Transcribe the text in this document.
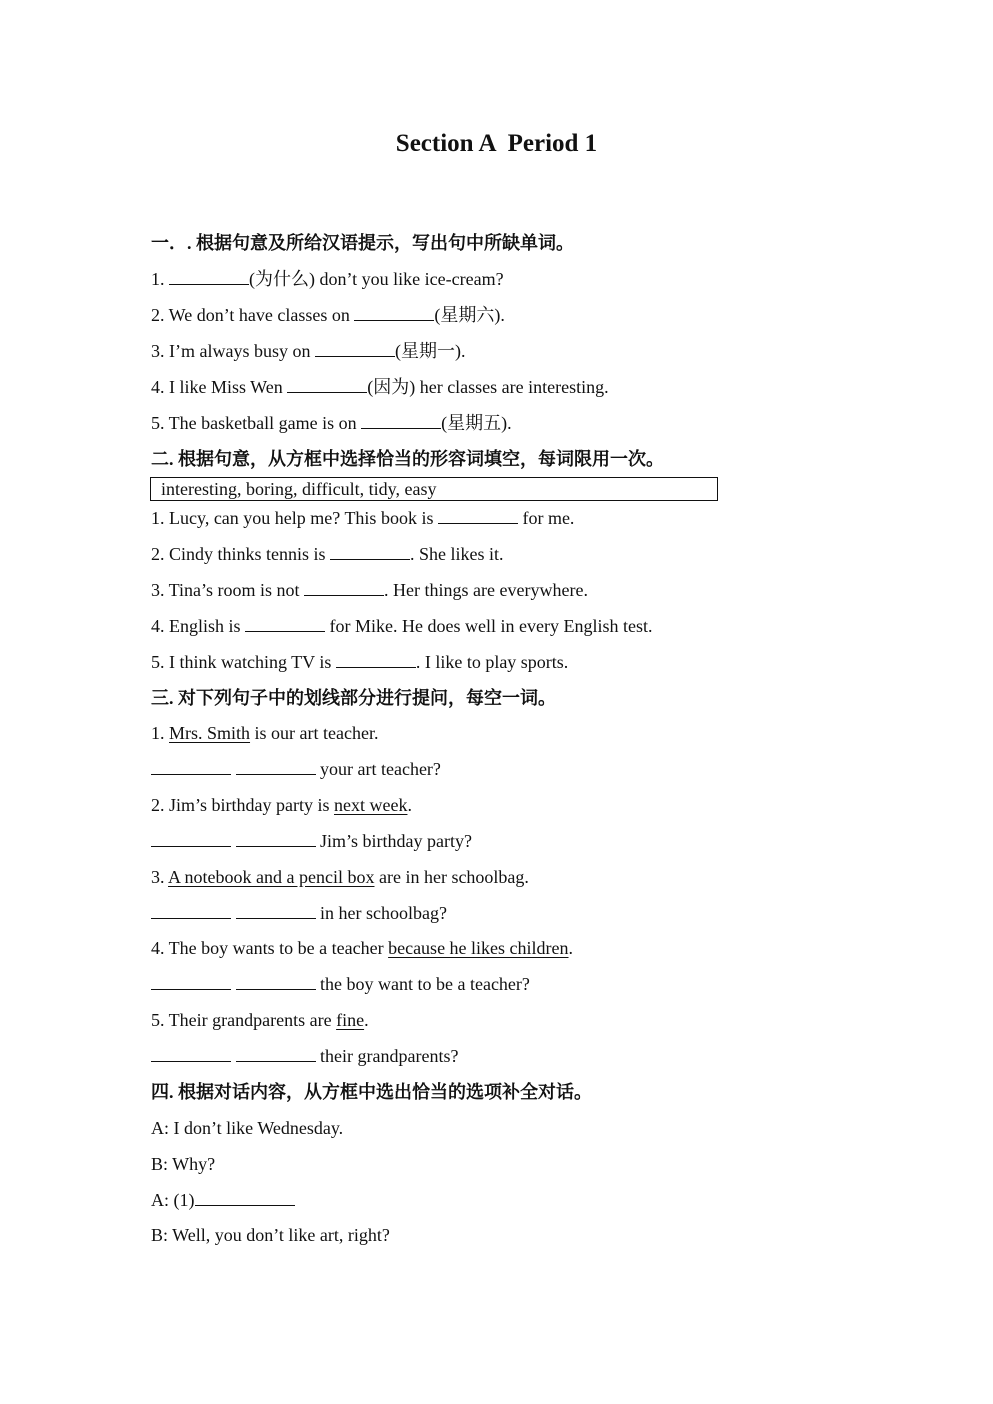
Section A  Period 1
一．. 根据句意及所给汉语提示，写出句中所缺单词。
1.	(为什么) don’t you like ice-cream?
2. We don’t have classes on	(星期六).
3. I’m always busy on	(星期一).
4. I like Miss Wen	(因为) her classes are interesting.
5. The basketball game is on	(星期五).
二. 根据句意，从方框中选择恰当的形容词填空，每词限用一次。
interesting, boring, difficult, tidy, easy
1. Lucy, can you help me? This book is	for me.
2. Cindy thinks tennis is	. She likes it.
3. Tina’s room is not	. Her things are everywhere.
4. English is	for Mike. He does well in every English test.
5. I think watching TV is	. I like to play sports.
三. 对下列句子中的划线部分进行提问，每空一词。
1. Mrs. Smith is our art teacher.
your art teacher?
2. Jim’s birthday party is next week.
Jim’s birthday party?
3. A notebook and a pencil box are in her schoolbag.
in her schoolbag?
4. The boy wants to be a teacher because he likes children.
the boy want to be a teacher?
5. Their grandparents are fine.
their grandparents?
四. 根据对话内容，从方框中选出恰当的选项补全对话。
A: I don’t like Wednesday.
B: Why?
A: (1)
B: Well, you don’t like art, right?
